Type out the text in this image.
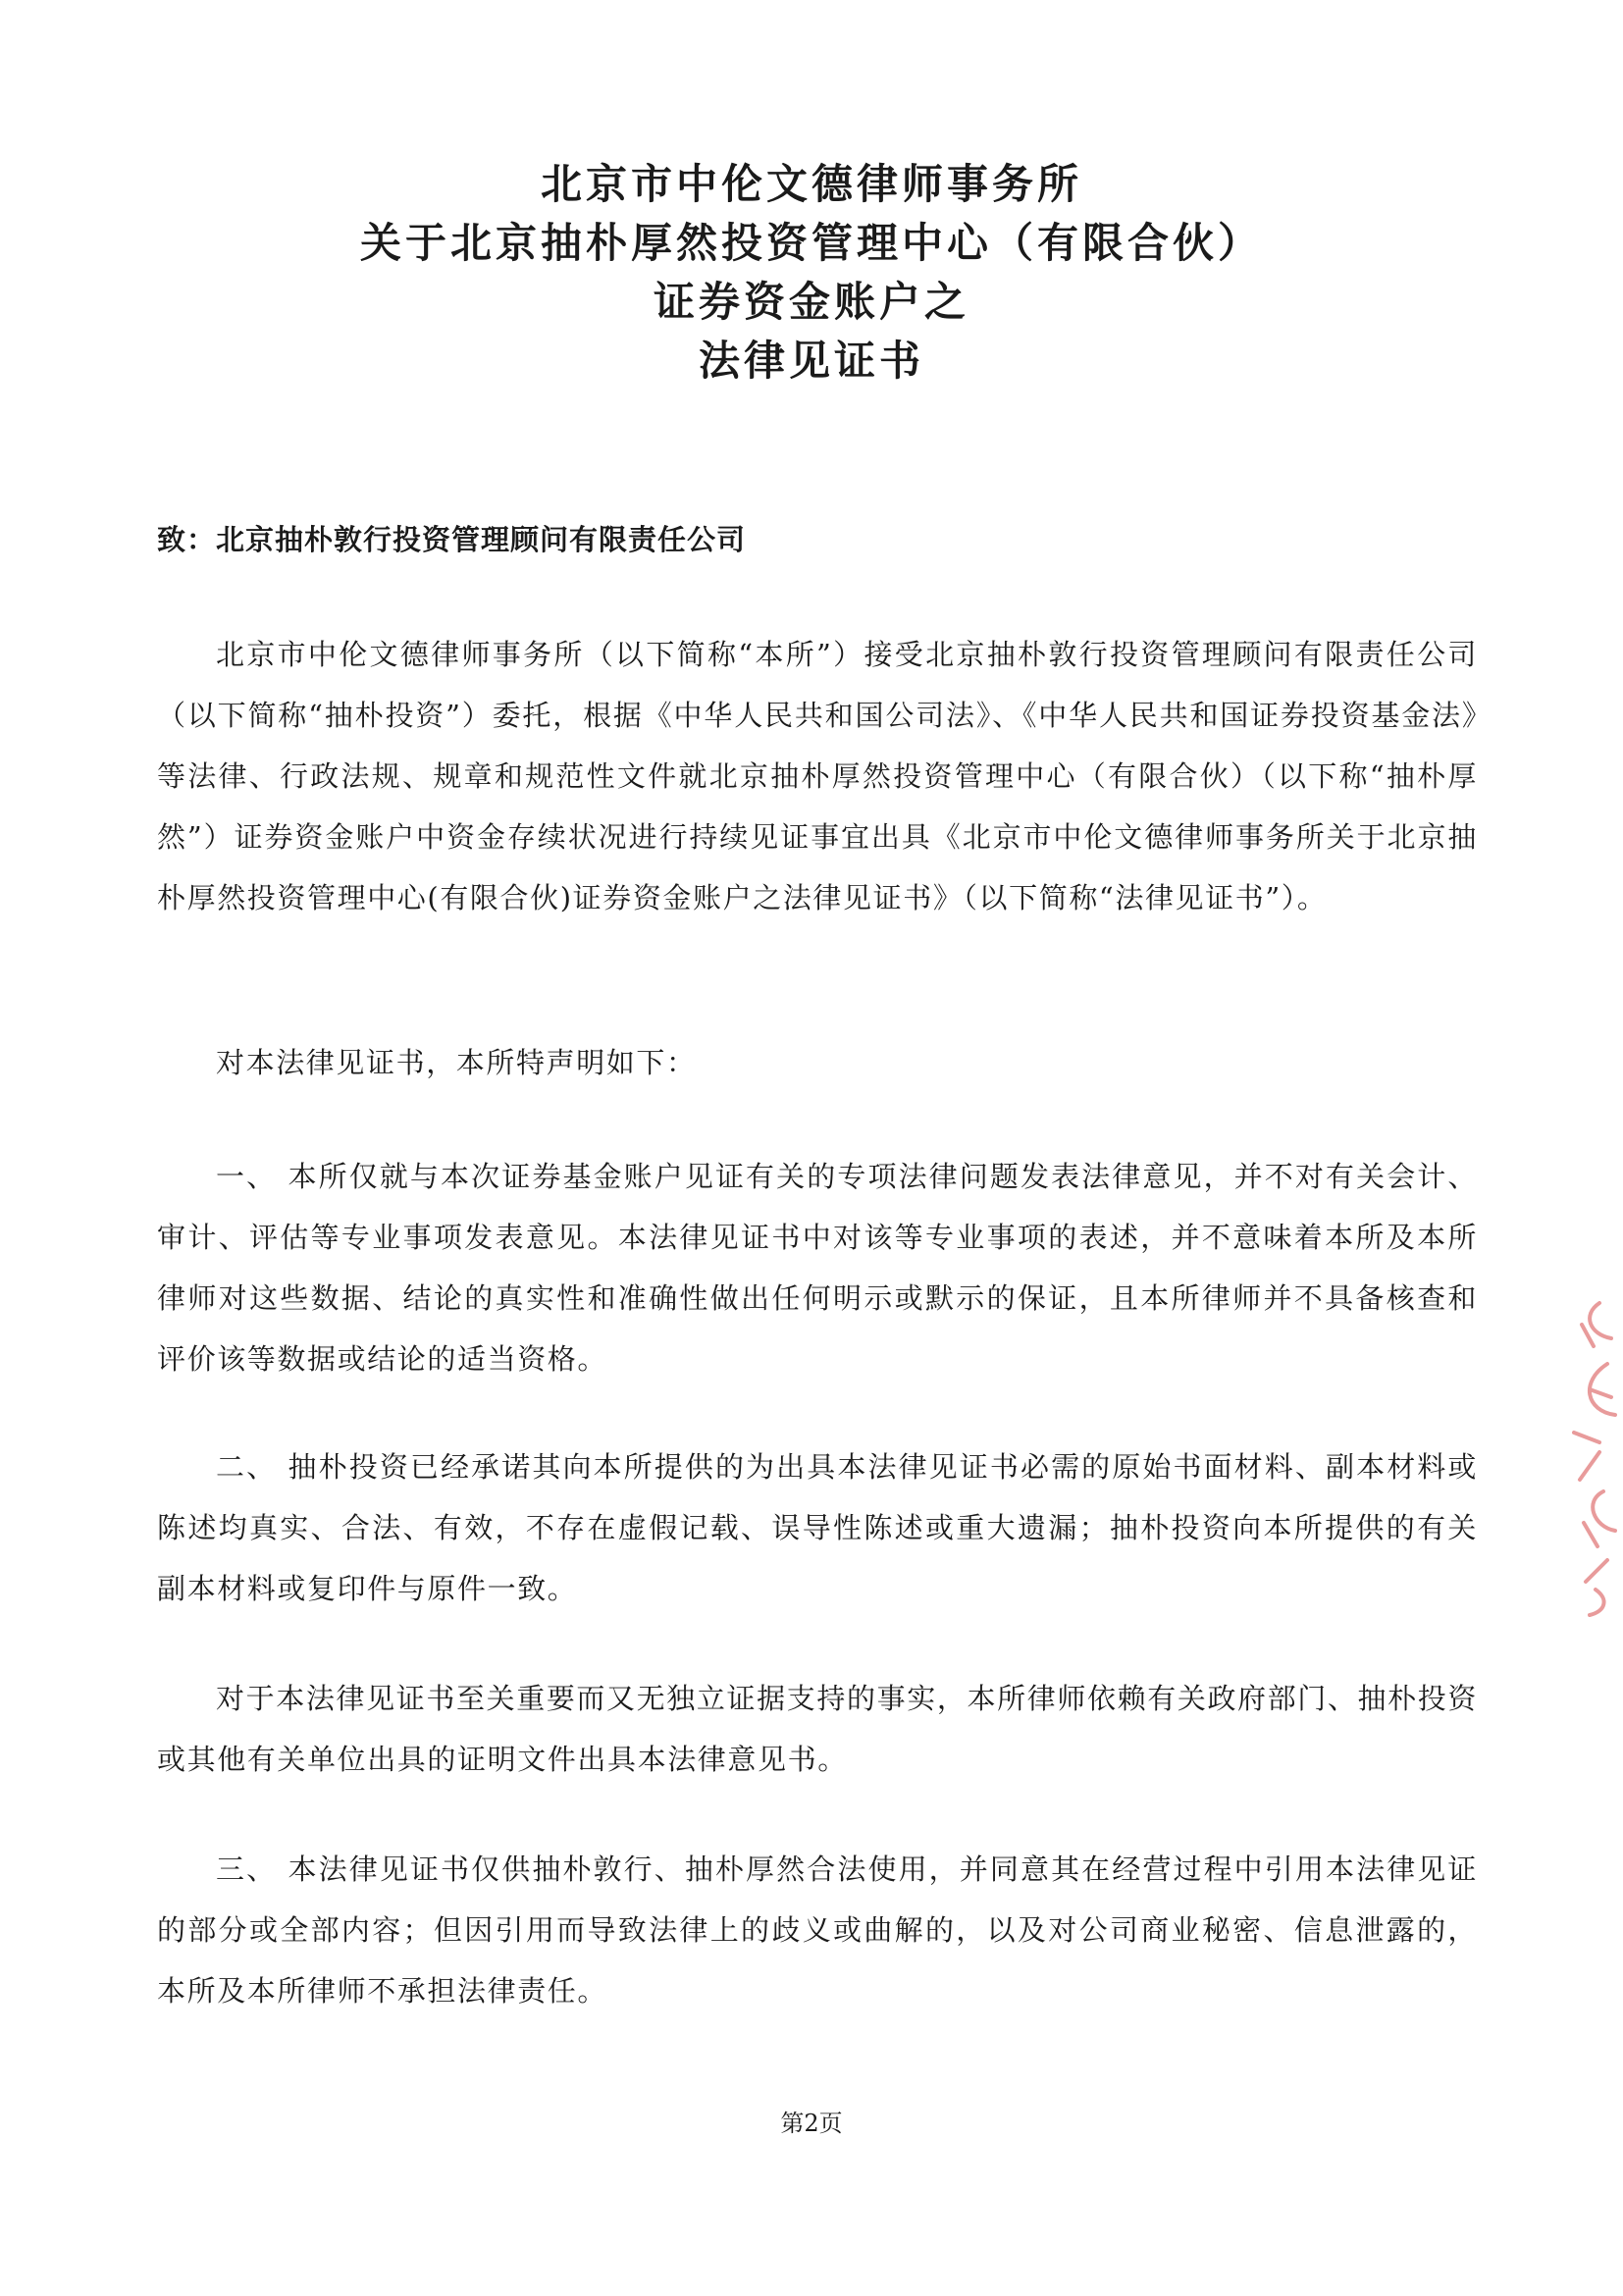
北京市中伦文德律师事务所

关于北京抽朴厚然投资管理中心（有限合伙）

证券资金账户之

法律见证书

致：北京抽朴敦行投资管理顾问有限责任公司

北京市中伦文德律师事务所（以下简称“本所”）接受北京抽朴敦行投资管理顾问有限责任公司（以下简称“抽朴投资”）委托，根据《中华人民共和国公司法》、《中华人民共和国证券投资基金法》等法律、行政法规、规章和规范性文件就北京抽朴厚然投资管理中心（有限合伙）（以下称“抽朴厚然”）证券资金账户中资金存续状况进行持续见证事宜出具《北京市中伦文德律师事务所关于北京抽朴厚然投资管理中心(有限合伙)证券资金账户之法律见证书》（以下简称“法律见证书”）。

对本法律见证书，本所特声明如下：

一、 本所仅就与本次证券基金账户见证有关的专项法律问题发表法律意见，并不对有关会计、审计、评估等专业事项发表意见。本法律见证书中对该等专业事项的表述，并不意味着本所及本所律师对这些数据、结论的真实性和准确性做出任何明示或默示的保证，且本所律师并不具备核查和评价该等数据或结论的适当资格。

二、 抽朴投资已经承诺其向本所提供的为出具本法律见证书必需的原始书面材料、副本材料或陈述均真实、合法、有效，不存在虚假记载、误导性陈述或重大遗漏；抽朴投资向本所提供的有关副本材料或复印件与原件一致。

对于本法律见证书至关重要而又无独立证据支持的事实，本所律师依赖有关政府部门、抽朴投资或其他有关单位出具的证明文件出具本法律意见书。

三、 本法律见证书仅供抽朴敦行、抽朴厚然合法使用，并同意其在经营过程中引用本法律见证的部分或全部内容；但因引用而导致法律上的歧义或曲解的，以及对公司商业秘密、信息泄露的，本所及本所律师不承担法律责任。

第2页
